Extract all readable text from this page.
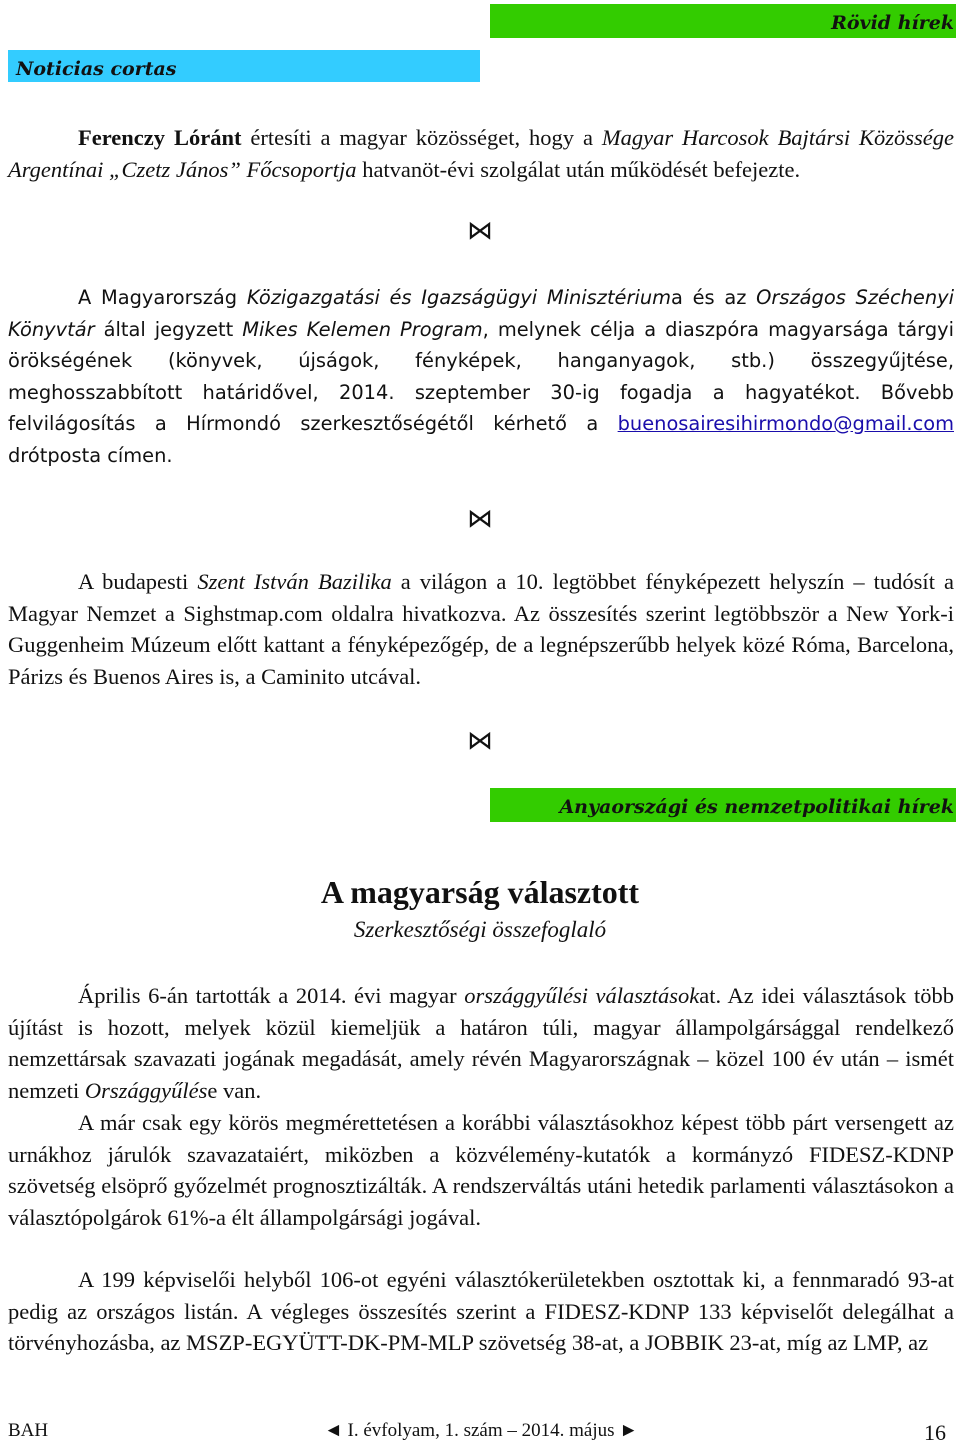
Rövid hírek
Noticias cortas
Ferenczy Lóránt értesíti a magyar közösséget, hogy a Magyar Harcosok Bajtársi Közössége Argentínai „Czetz János” Főcsoportja hatvanöt-évi szolgálat után működését befejezte.
⋈
A Magyarország Közigazgatási és Igazságügyi Minisztériuma és az Országos Széchenyi Könyvtár által jegyzett Mikes Kelemen Program, melynek célja a diaszpóra magyarsága tárgyi örökségének (könyvek, újságok, fényképek, hanganyagok, stb.) összegyűjtése, meghosszabbított határidővel, 2014. szeptember 30-ig fogadja a hagyatékot. Bővebb felvilágosítás a Hírmondó szerkesztőségétől kérhető a buenosairesihirmondo@gmail.com drótposta címen.
⋈
A budapesti Szent István Bazilika a világon a 10. legtöbbet fényképezett helyszín – tudósít a Magyar Nemzet a Sighstmap.com oldalra hivatkozva. Az összesítés szerint legtöbbször a New York-i Guggenheim Múzeum előtt kattant a fényképezőgép, de a legnépszerűbb helyek közé Róma, Barcelona, Párizs és Buenos Aires is, a Caminito utcával.
⋈
Anyaországi és nemzetpolitikai hírek
A magyarság választott
Szerkesztőségi összefoglaló
Április 6-án tartották a 2014. évi magyar országgyűlési választásokat. Az idei választások több újítást is hozott, melyek közül kiemeljük a határon túli, magyar állampolgársággal rendelkező nemzettársak szavazati jogának megadását, amely révén Magyarországnak – közel 100 év után – ismét nemzeti Országgyűlése van.
A már csak egy körös megmérettetésen a korábbi választásokhoz képest több párt versengett az urnákhoz járulók szavazataiért, miközben a közvélemény-kutatók a kormányzó FIDESZ-KDNP szövetség elsöprő győzelmét prognosztizálták. A rendszerváltás utáni hetedik parlamenti választásokon a választópolgárok 61%-a élt állampolgársági jogával.
A 199 képviselői helyből 106-ot egyéni választókerületekben osztottak ki, a fennmaradó 93-at pedig az országos listán. A végleges összesítés szerint a FIDESZ-KDNP 133 képviselőt delegálhat a törvényhozásba, az MSZP-EGYÜTT-DK-PM-MLP szövetség 38-at, a JOBBIK 23-at, míg az LMP, az
BAH	◄ I. évfolyam, 1. szám – 2014. május ►	16
